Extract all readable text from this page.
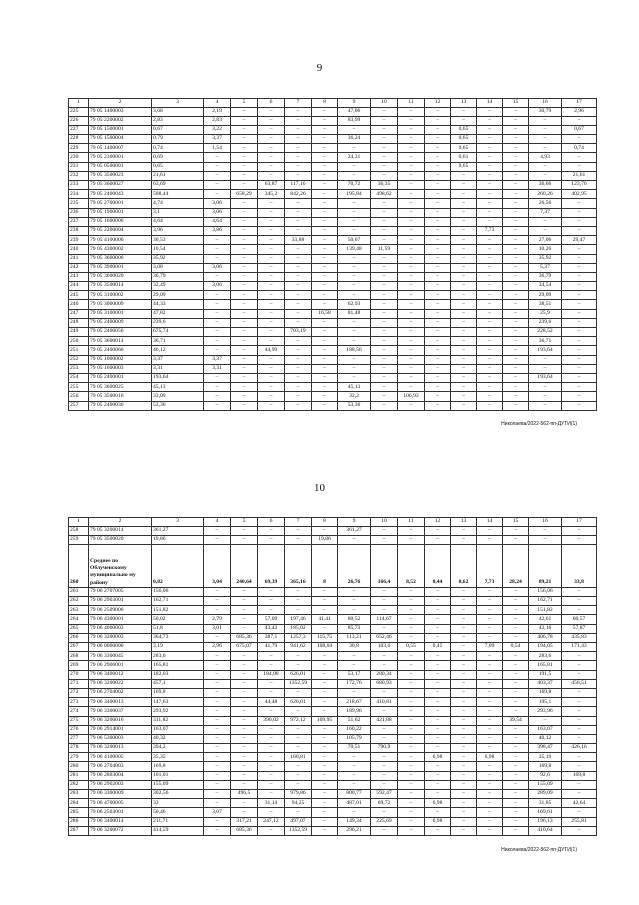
9
1	2	3	4	5	6	7	8	9	10	11	12	13	14	15	16	17
225	79 05 1400003	3,68	2,19	–	–	–	–	47,06	–	–	–	–	–	–	30,79	2,96
226	79 05 2200002	2,83	2,83	–	–	–	–	83,99	–	–	–	–	–	–	–	–
227	79 05 1500001	0,67	3,22	–	–	–	–	–	–	–	–	0,65	–	–	–	0,67
228	79 05 1500004	0,79	3,37	–	–	–	–	36,24	–	–	–	0,65	–	–	–	–
229	79 05 1400007	0,74	1,54	–	–	–	–	–	–	–	–	0,65	–	–	–	0,74
230	79 05 2300001	0,69	–	–	–	–	–	24,31	–	–	–	0,61	–	–	4,93	–
231	79 05 0500001	0,65	–	–	–	–	–	–	–	–	–	0,65	–	–	–	–
232	79 05 3500023	21,61	–	–	–	–	–	–	–	–	–	–	–	–	–	21,61
233	79 05 3600027	63,69	–	–	63,87	117,16	–	70,72	36,35	–	–	–	–	–	36,66	123,76
234	79 05 2400043	508,44	–	658,29	345,2	842,26	–	195,84	498,62	–	–	–	–	–	260,26	402,95
235	79 05 2700001	4,74	3,06	–	–	–	–	–	–	–	–	–	–	–	26,56	–
236	79 05 1900001	3,1	3,06	–	–	–	–	–	–	–	–	–	–	–	7,37	–
237	79 05 1600006	4,64	4,64	–	–	–	–	–	–	–	–	–	–	–	–	–
238	79 05 2200004	3,96	3,86	–	–	–	–	–	–	–	–	–	7,73	–	–	–
239	79 05 4100006	30,53	–	–	–	33,88	–	50,07	–	–	–	–	–	–	27,06	29,47
240	79 05 4300002	10,54	–	–	–	–	–	139,48	11,59	–	–	–	–	–	10,26	–
241	79 05 3600006	35,92	–	–	–	–	–	–	–	–	–	–	–	–	35,92	–
242	79 05 3900001	3,08	3,06	–	–	–	–	–	–	–	–	–	–	–	5,37	–
243	79 05 3600020	36,79	–	–	–	–	–	–	–	–	–	–	–	–	36,79	–
244	79 05 3500014	32,49	3,06	–	–	–	–	–	–	–	–	–	–	–	34,54	–
245	79 05 3100002	29,09	–	–	–	–	–	–	–	–	–	–	–	–	29,09	–
246	79 05 3000009	44,33	–	–	–	–	–	62,93	–	–	–	–	–	–	38,51	–
247	79 05 3100001	47,82	–	–	–	–	16,58	81,48	–	–	–	–	–	–	25,9	–
248	79 05 2400009	239,6	–	–	–	–	–	–	–	–	–	–	–	–	239,6	–
249	79 05 2400056	675,74	–	–	–	703,19	–	–	–	–	–	–	–	–	228,52	–
250	79 05 3600014	36,71	–	–	–	–	–	–	–	–	–	–	–	–	36,71	–
251	79 05 2400066	46,12	–	–	44,99	–	–	188,56	–	–	–	–	–	–	193,64	–
252	79 05 1000002	3,37	3,37	–	–	–	–	–	–	–	–	–	–	–	–	–
253	79 05 1600003	3,31	3,31	–	–	–	–	–	–	–	–	–	–	–	–	–
254	79 05 2400001	193,64	–	–	–	–	–	–	–	–	–	–	–	–	193,64	–
255	79 05 3600025	45,13	–	–	–	–	–	45,13	–	–	–	–	–	–	–	–
256	79 05 3500016	33,09	–	–	–	–	–	32,2	–	106,93	–	–	–	–	–	–
257	79 05 2400036	53,36	–	–	–	–	–	53,36	–	–	–	–	–	–	–	–
Николаева/2022-562-пп-ДУТИ(1)
10
1	2	3	4	5	6	7	8	9	10	11	12	13	14	15	16	17
258	79 05 3200014	361,27	–	–	–	–	–	361,27	–	–	–	–	–	–	–	–
259	79 05 3500020	19,86	–	–	–	–	19,86	–	–	–	–	–	–	–	–	–
260	Среднее по Облученскому муниципально му району	0,82	3,04	240,64	69,39	365,16	8	26,76	166,4	8,52	0,44	0,62	7,73	28,24	89,21	33,8
261	79 06 2707005	156,06	–	–	–	–	–	–	–	–	–	–	–	–	156,06	–
262	79 06 2903001	162,71	–	–	–	–	–	–	–	–	–	–	–	–	162,71	–
263	79 06 2509006	151,82	–	–	–	–	–	–	–	–	–	–	–	–	151,82	–
264	79 06 4300001	50,02	2,79	–	57,09	197,46	41,41	80,52	114,67	–	–	–	–	–	42,61	66,57
265	79 06 4000003	51,8	3,01	–	43,42	185,02	–	85,73	–	–	–	–	–	–	42,16	57,87
266	79 06 3200003	364,73	–	685,36	387,1	1257,3	115,75	113,21	652,46	–	–	–	–	–	406,78	435,83
267	79 06 0000000	3,19	2,96	675,07	41,79	941,62	108,04	30,8	103,6	0,55	0,45	–	7,09	0,54	194,05	171,43
268	79 06 3300045	283,6	–	–	–	–	–	–	–	–	–	–	–	–	283,6	–
269	79 06 2906001	165,81	–	–	–	–	–	–	–	–	–	–	–	–	165,81	–
270	79 06 3400012	182,03	–	–	184,08	626,01	–	53,17	280,34	–	–	–	–	–	191,5	–
271	79 06 3200022	457,1	–	–	–	1352,59	–	172,76	680,93	–	–	–	–	–	403,37	456,51
272	79 06 2704002	169,8	–	–	–	–	–	–	–	–	–	–	–	–	169,8	–
273	79 06 3400013	147,63	–	–	44,48	626,01	–	218,67	410,81	–	–	–	–	–	195,1	–
274	79 06 3300037	293,92	–	–	–	–	–	189,96	–	–	–	–	–	–	293,96	–
275	79 06 3200016	311,82	–	–	390,02	972,12	109,95	51,62	421,88	–	–	–	–	39,54	–	–
276	79 06 2914001	163,07	–	–	–	–	–	160,22	–	–	–	–	–	–	163,07	–
277	79 06 5300003	40,32	–	–	–	–	–	105,79	–	–	–	–	–	–	40,12	–
278	79 06 3200013	394,2	–	–	–	–	–	70,51	790,9	–	–	–	–	–	398,47	426,16
279	79 06 4100005	35,35	–	–	–	160,81	–	–	–	–	6,98	–	6,98	–	35,19	–
280	79 06 2704003	169,8	–	–	–	–	–	–	–	–	–	–	–	–	169,8	–
281	79 06 2803004	101,01	–	–	–	–	–	–	–	–	–	–	–	–	92,6	169,8
282	79 06 2902003	155,09	–	–	–	–	–	–	–	–	–	–	–	–	155,09	–
283	79 06 3300009	302,56	–	496,5	–	979,86	–	800,77	592,47	–	–	–	–	–	289,09	–
284	79 06 4700005	33	–	–	31,14	94,25	–	487,01	69,72	–	6,98	–	–	–	31,85	42,64
285	79 06 2503001	50,46	3,07	–	–	–	–	–	–	–	–	–	–	–	169,61	–
286	79 06 3400014	211,71	–	317,21	247,12	497,07	–	149,34	225,69	–	6,98	–	–	–	196,13	255,81
287	79 06 3200072	414,59	–	685,36	–	1352,59	–	296,21	–	–	–	–	–	–	410,64	–
Николаева/2022-562-пп-ДУТИ(1)
